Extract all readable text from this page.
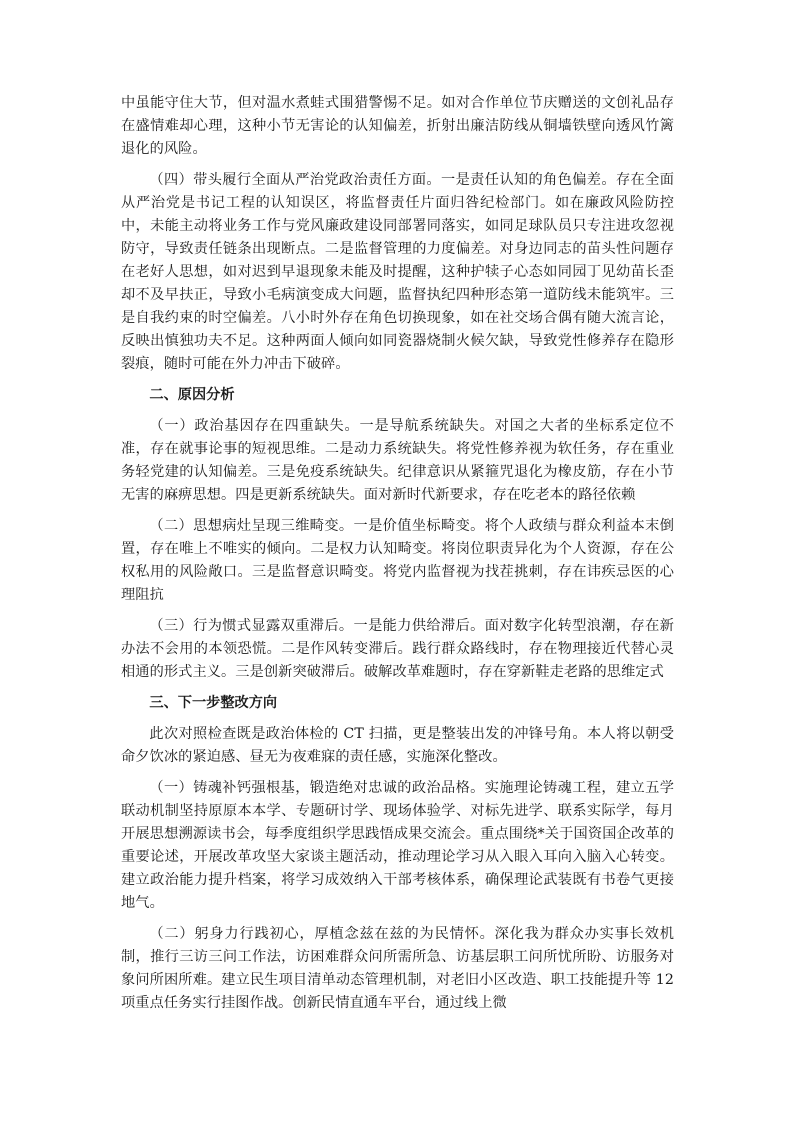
中虽能守住大节，但对温水煮蛙式围猎警惕不足。如对合作单位节庆赠送的文创礼品存在盛情难却心理，这种小节无害论的认知偏差，折射出廉洁防线从铜墙铁壁向透风竹篱退化的风险。

（四）带头履行全面从严治党政治责任方面。一是责任认知的角色偏差。存在全面从严治党是书记工程的认知误区，将监督责任片面归咎纪检部门。如在廉政风险防控中，未能主动将业务工作与党风廉政建设同部署同落实，如同足球队员只专注进攻忽视防守，导致责任链条出现断点。二是监督管理的力度偏差。对身边同志的苗头性问题存在老好人思想，如对迟到早退现象未能及时提醒，这种护犊子心态如同园丁见幼苗长歪却不及早扶正，导致小毛病演变成大问题，监督执纪四种形态第一道防线未能筑牢。三是自我约束的时空偏差。八小时外存在角色切换现象，如在社交场合偶有随大流言论，反映出慎独功夫不足。这种两面人倾向如同瓷器烧制火候欠缺，导致党性修养存在隐形裂痕，随时可能在外力冲击下破碎。

二、原因分析

（一）政治基因存在四重缺失。一是导航系统缺失。对国之大者的坐标系定位不准，存在就事论事的短视思维。二是动力系统缺失。将党性修养视为软任务，存在重业务轻党建的认知偏差。三是免疫系统缺失。纪律意识从紧箍咒退化为橡皮筋，存在小节无害的麻痹思想。四是更新系统缺失。面对新时代新要求，存在吃老本的路径依赖

（二）思想病灶呈现三维畸变。一是价值坐标畸变。将个人政绩与群众利益本末倒置，存在唯上不唯实的倾向。二是权力认知畸变。将岗位职责异化为个人资源，存在公权私用的风险敞口。三是监督意识畸变。将党内监督视为找茬挑刺，存在讳疾忌医的心理阻抗

（三）行为惯式显露双重滞后。一是能力供给滞后。面对数字化转型浪潮，存在新办法不会用的本领恐慌。二是作风转变滞后。践行群众路线时，存在物理接近代替心灵相通的形式主义。三是创新突破滞后。破解改革难题时，存在穿新鞋走老路的思维定式

三、下一步整改方向

此次对照检查既是政治体检的 CT 扫描，更是整装出发的冲锋号角。本人将以朝受命夕饮冰的紧迫感、昼无为夜难寐的责任感，实施深化整改。

（一）铸魂补钙强根基，锻造绝对忠诚的政治品格。实施理论铸魂工程，建立五学联动机制坚持原原本本学、专题研讨学、现场体验学、对标先进学、联系实际学，每月开展思想溯源读书会，每季度组织学思践悟成果交流会。重点围绕*关于国资国企改革的重要论述，开展改革攻坚大家谈主题活动，推动理论学习从入眼入耳向入脑入心转变。建立政治能力提升档案，将学习成效纳入干部考核体系，确保理论武装既有书卷气更接地气。

（二）躬身力行践初心，厚植念兹在兹的为民情怀。深化我为群众办实事长效机制，推行三访三问工作法，访困难群众问所需所急、访基层职工问所忧所盼、访服务对象问所困所难。建立民生项目清单动态管理机制，对老旧小区改造、职工技能提升等 12 项重点任务实行挂图作战。创新民情直通车平台，通过线上微
